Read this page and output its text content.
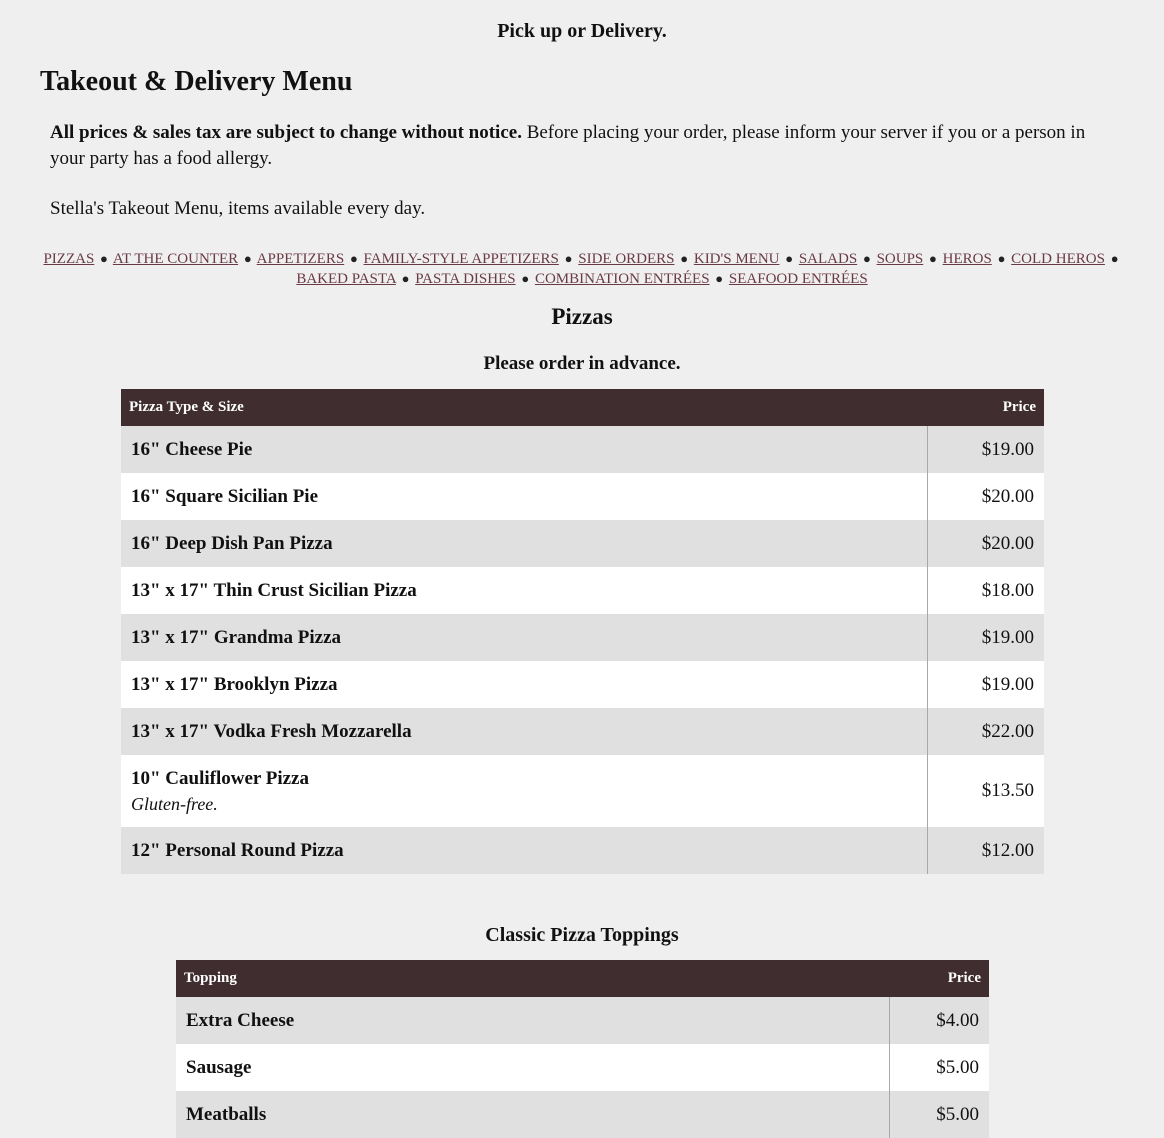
Pick up or Delivery.
Takeout & Delivery Menu
All prices & sales tax are subject to change without notice. Before placing your order, please inform your server if you or a person in your party has a food allergy.
Stella's Takeout Menu, items available every day.
PIZZAS ● AT THE COUNTER ● APPETIZERS ● FAMILY-STYLE APPETIZERS ● SIDE ORDERS ● KID'S MENU ● SALADS ● SOUPS ● HEROS ● COLD HEROS ●
BAKED PASTA ● PASTA DISHES ● COMBINATION ENTRÉES ● SEAFOOD ENTRÉES
Pizzas
Please order in advance.
Pizza Type & Size	Price
16" Cheese Pie	$19.00
16" Square Sicilian Pie	$20.00
16" Deep Dish Pan Pizza	$20.00
13" x 17" Thin Crust Sicilian Pizza	$18.00
13" x 17" Grandma Pizza	$19.00
13" x 17" Brooklyn Pizza	$19.00
13" x 17" Vodka Fresh Mozzarella	$22.00
10" Cauliflower Pizza
Gluten-free.	$13.50
12" Personal Round Pizza	$12.00
Classic Pizza Toppings
Topping	Price
Extra Cheese	$4.00
Sausage	$5.00
Meatballs	$5.00
